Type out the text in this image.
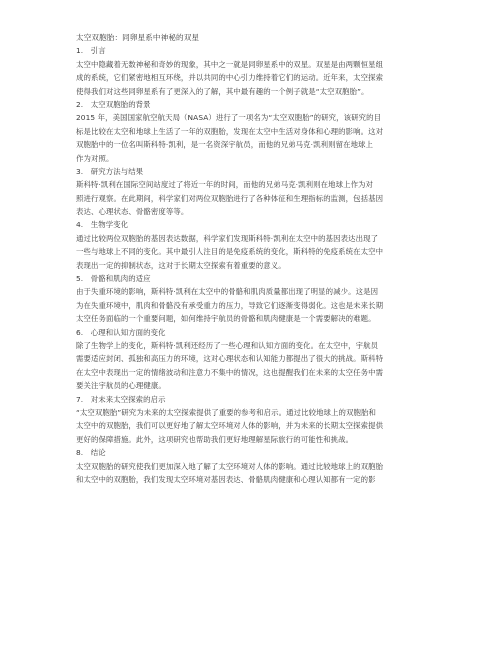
太空双胞胎：同卵星系中神秘的双星
1.　引言
太空中隐藏着无数神秘和奇妙的现象，其中之一就是同卵星系中的双星。双星是由两颗恒星组
成的系统，它们紧密地相互环绕，并以共同的中心引力维持着它们的运动。近年来，太空探索
使得我们对这些同卵星系有了更深入的了解，其中最有趣的一个例子就是“太空双胞胎”。
2.　太空双胞胎的背景
2015 年，美国国家航空航天局（NASA）进行了一项名为“太空双胞胎”的研究，该研究的目
标是比较在太空和地球上生活了一年的双胞胎，发现在太空中生活对身体和心理的影响。这对
双胞胎中的一位名叫斯科特·凯利，是一名资深宇航员，而他的兄弟马克·凯利则留在地球上
作为对照。
3.　研究方法与结果
斯科特·凯利在国际空间站度过了将近一年的时间，而他的兄弟马克·凯利则在地球上作为对
照进行观察。在此期间，科学家们对两位双胞胎进行了各种体征和生理指标的监测，包括基因
表达、心理状态、骨骼密度等等。
4.　生物学变化
通过比较两位双胞胎的基因表达数据，科学家们发现斯科特·凯利在太空中的基因表达出现了
一些与地球上不同的变化。其中最引人注目的是免疫系统的变化，斯科特的免疫系统在太空中
表现出一定的抑制状态，这对于长期太空探索有着重要的意义。
5.　骨骼和肌肉的适应
由于失重环境的影响，斯科特·凯利在太空中的骨骼和肌肉质量都出现了明显的减少。这是因
为在失重环境中，肌肉和骨骼没有承受重力的压力，导致它们逐渐变得弱化。这也是未来长期
太空任务面临的一个重要问题，如何维持宇航员的骨骼和肌肉健康是一个需要解决的难题。
6.　心理和认知方面的变化
除了生物学上的变化，斯科特·凯利还经历了一些心理和认知方面的变化。在太空中，宇航员
需要适应封闭、孤独和高压力的环境，这对心理状态和认知能力都提出了很大的挑战。斯科特
在太空中表现出一定的情绪波动和注意力不集中的情况，这也提醒我们在未来的太空任务中需
要关注宇航员的心理健康。
7.　对未来太空探索的启示
“太空双胞胎”研究为未来的太空探索提供了重要的参考和启示。通过比较地球上的双胞胎和
太空中的双胞胎，我们可以更好地了解太空环境对人体的影响，并为未来的长期太空探索提供
更好的保障措施。此外，这项研究也帮助我们更好地理解星际旅行的可能性和挑战。
8.　结论
太空双胞胎的研究使我们更加深入地了解了太空环境对人体的影响。通过比较地球上的双胞胎
和太空中的双胞胎，我们发现太空环境对基因表达、骨骼肌肉健康和心理认知都有一定的影
